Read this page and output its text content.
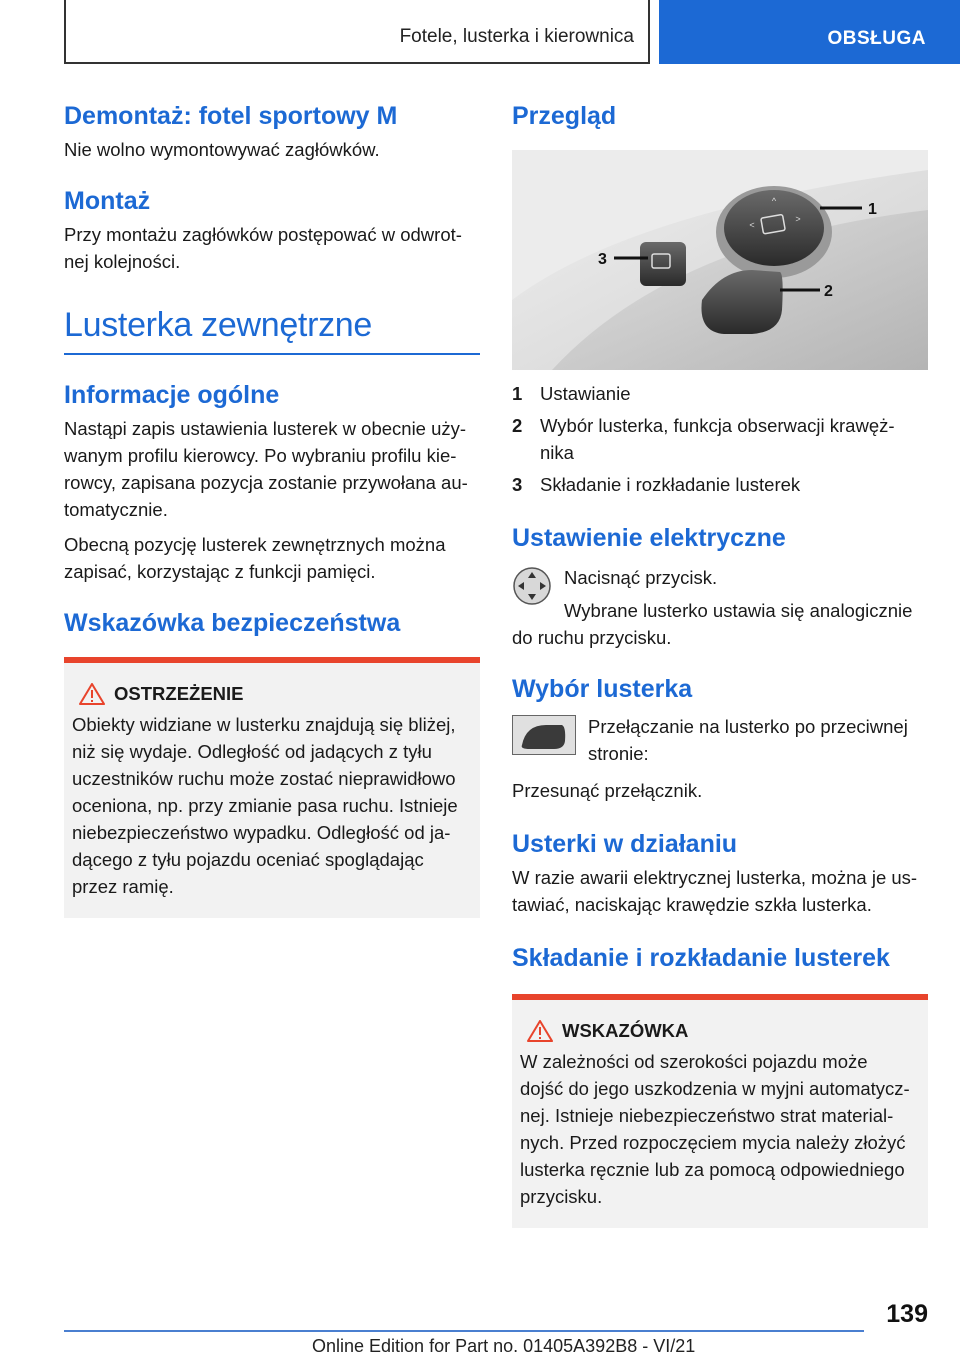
Fotele, lusterka i kierownica	OBSŁUGA
Demontaż: fotel sportowy M
Nie wolno wymontowywać zagłówków.
Montaż
Przy montażu zagłówków postępować w odwrot-
nej kolejności.
Lusterka zewnętrzne
Informacje ogólne
Nastąpi zapis ustawienia lusterek w obecnie uży-
wanym profilu kierowcy. Po wybraniu profilu kie-
rowcy, zapisana pozycja zostanie przywołana au-
tomatycznie.
Obecną pozycję lusterek zewnętrznych można
zapisać, korzystając z funkcji pamięci.
Wskazówka bezpieczeństwa
OSTRZEŻENIE
Obiekty widziane w lusterku znajdują się bliżej,
niż się wydaje. Odległość od jadących z tyłu
uczestników ruchu może zostać nieprawidłowo
oceniona, np. przy zmianie pasa ruchu. Istnieje
niebezpieczeństwo wypadku. Odległość od ja-
dącego z tyłu pojazdu oceniać spoglądając
przez ramię.
Przegląd
^
<
>
1
2
3
1 Ustawianie
2 Wybór lusterka, funkcja obserwacji krawęż-
nika
3 Składanie i rozkładanie lusterek
Ustawienie elektryczne
Nacisnąć przycisk.
Wybrane lusterko ustawia się analogicznie
do ruchu przycisku.
Wybór lusterka
Przełączanie na lusterko po przeciwnej
stronie:
Przesunąć przełącznik.
Usterki w działaniu
W razie awarii elektrycznej lusterka, można je us-
tawiać, naciskając krawędzie szkła lusterka.
Składanie i rozkładanie lusterek
WSKAZÓWKA
W zależności od szerokości pojazdu może
dojść do jego uszkodzenia w myjni automatycz-
nej. Istnieje niebezpieczeństwo strat material-
nych. Przed rozpoczęciem mycia należy złożyć
lusterka ręcznie lub za pomocą odpowiedniego
przycisku.
139
Online Edition for Part no. 01405A392B8 - VI/21
